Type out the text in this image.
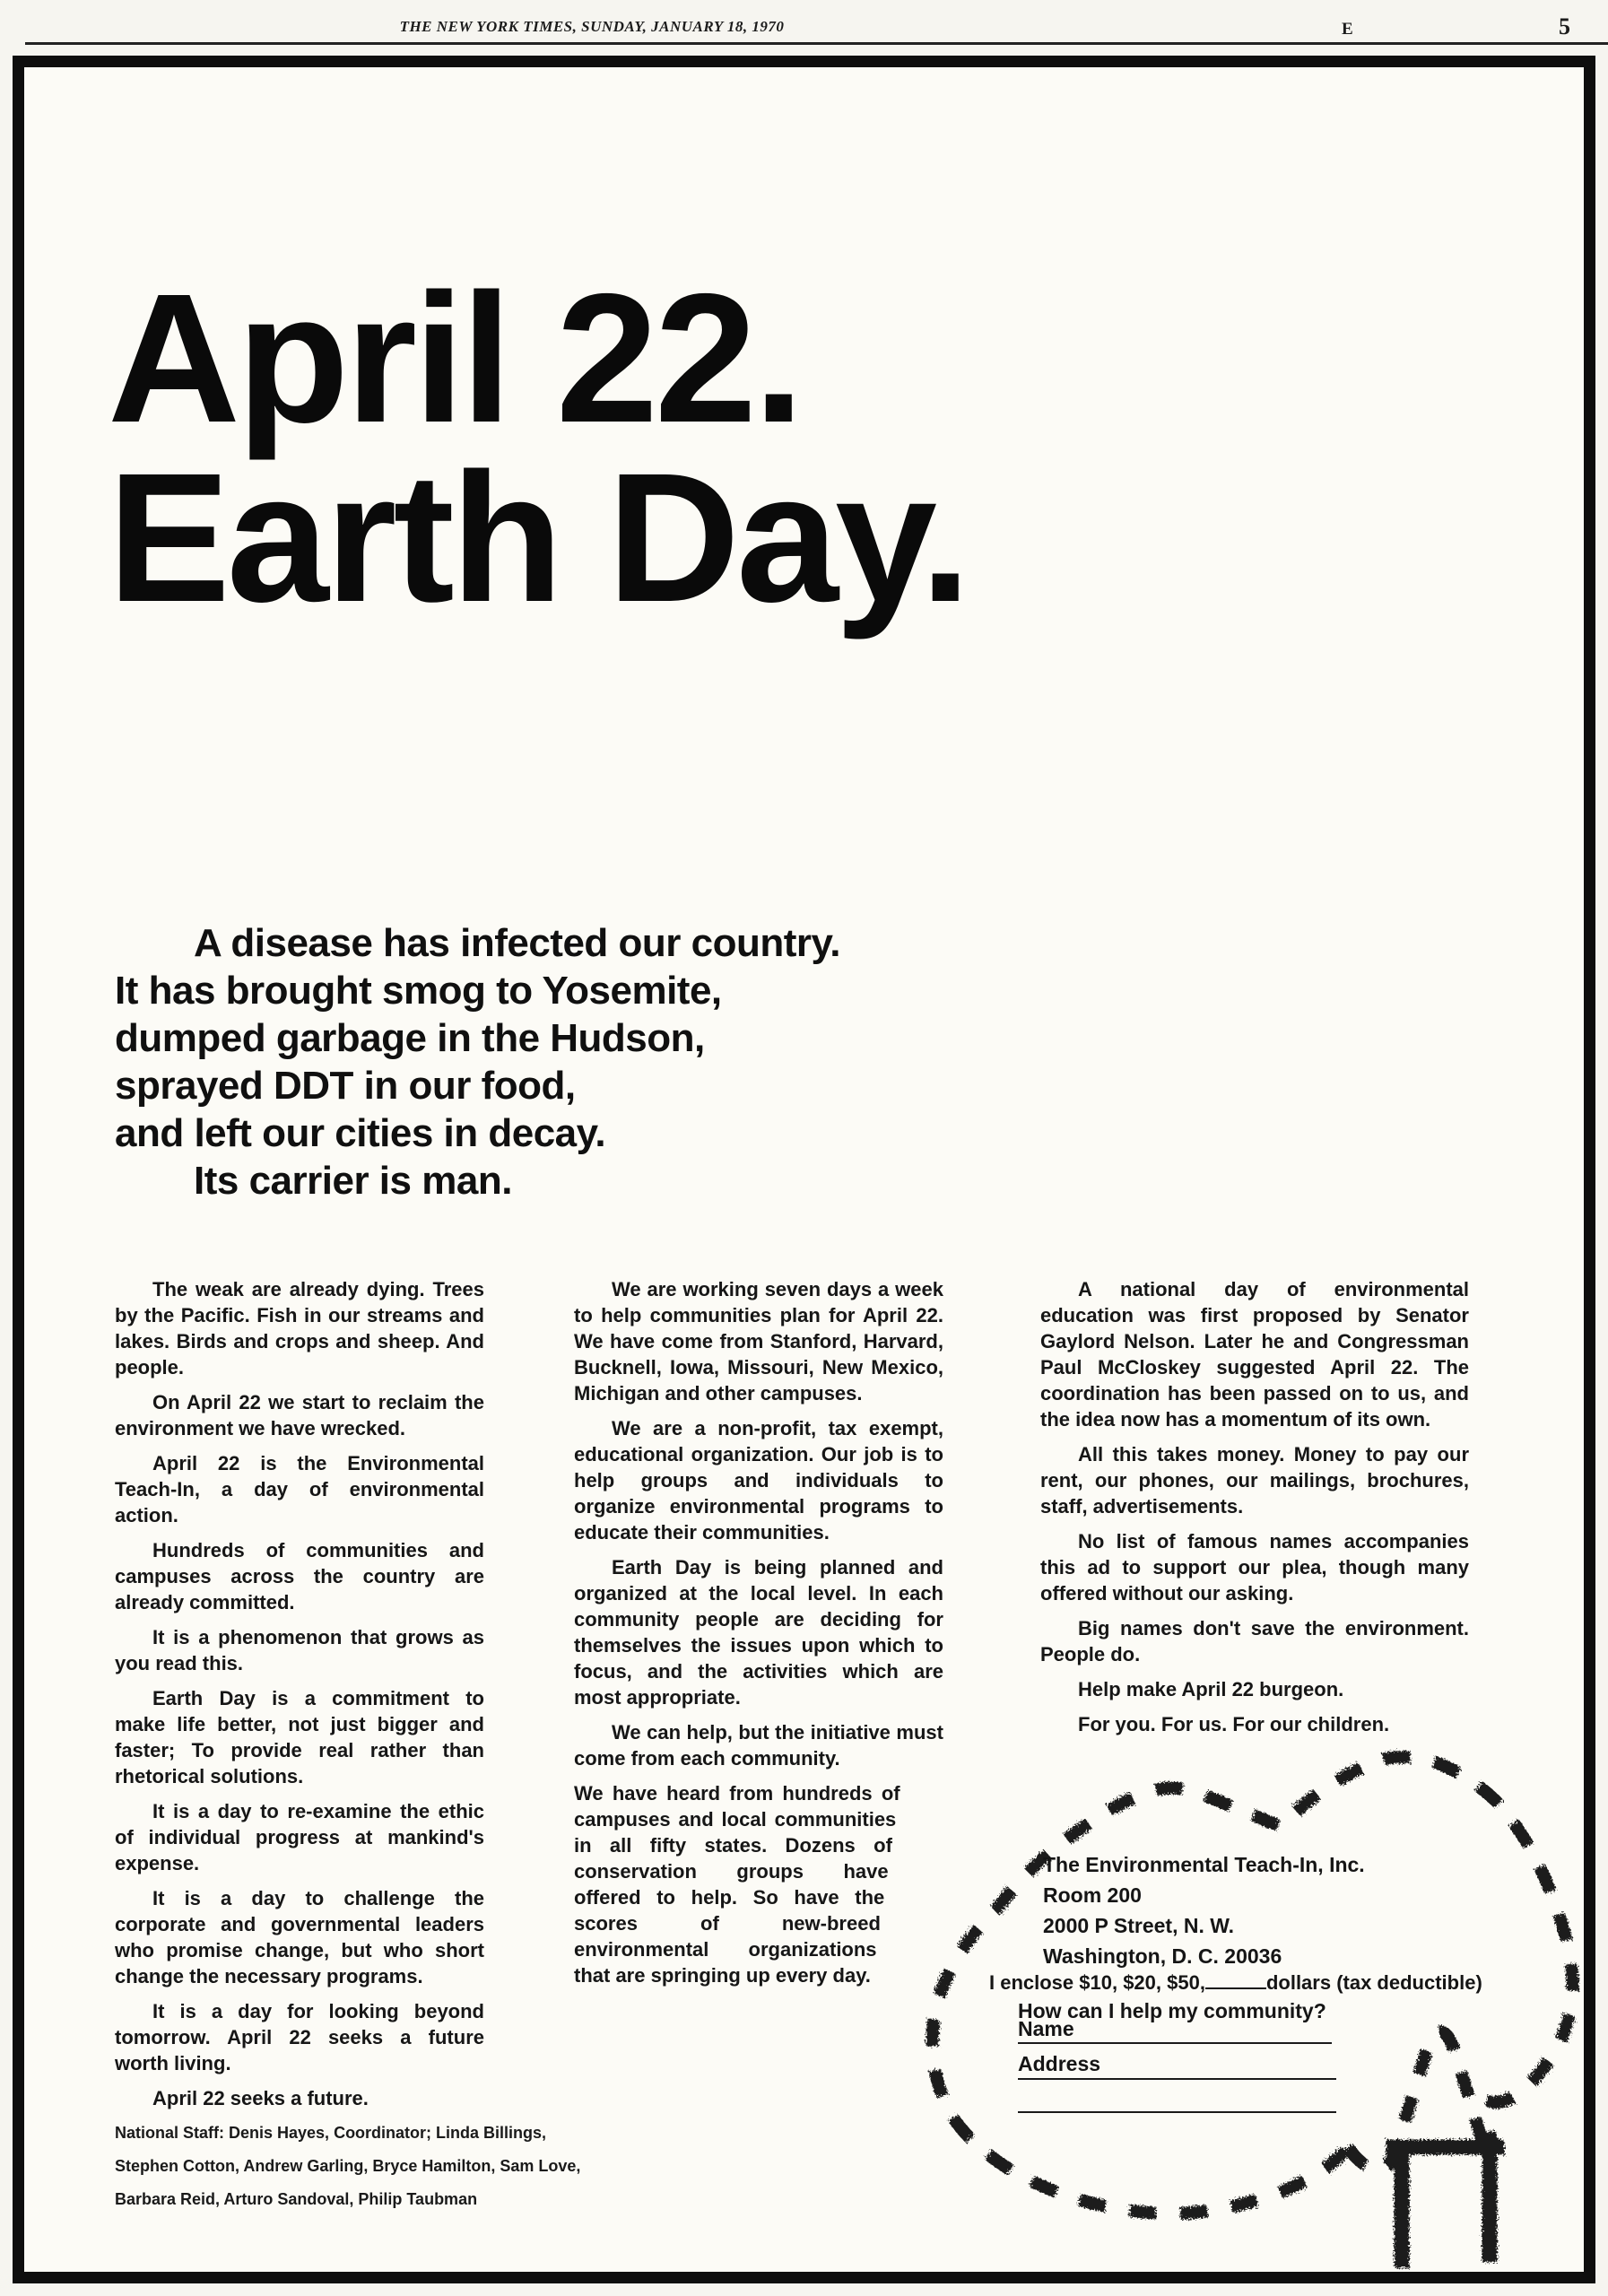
THE NEW YORK TIMES, SUNDAY, JANUARY 18, 1970	E	5
April 22.
Earth Day.
A disease has infected our country.
It has brought smog to Yosemite,
dumped garbage in the Hudson,
sprayed DDT in our food,
and left our cities in decay.
Its carrier is man.
The weak are already dying. Trees by the Pacific. Fish in our streams and lakes. Birds and crops and sheep. And people.
On April 22 we start to reclaim the environment we have wrecked.
April 22 is the Environmental Teach-In, a day of environmental action.
Hundreds of communities and campuses across the country are already committed.
It is a phenomenon that grows as you read this.
Earth Day is a commitment to make life better, not just bigger and faster; To provide real rather than rhetorical solutions.
It is a day to re-examine the ethic of individual progress at mankind's expense.
It is a day to challenge the corporate and governmental leaders who promise change, but who short change the necessary programs.
It is a day for looking beyond tomorrow. April 22 seeks a future worth living.
April 22 seeks a future.
We are working seven days a week to help communities plan for April 22. We have come from Stanford, Harvard, Bucknell, Iowa, Missouri, New Mexico, Michigan and other campuses.
We are a non-profit, tax exempt, educational organization. Our job is to help groups and individuals to organize environmental programs to educate their communities.
Earth Day is being planned and organized at the local level. In each community people are deciding for themselves the issues upon which to focus, and the activities which are most appropriate.
We can help, but the initiative must come from each community.
We have heard from hundreds of campuses and local communities in all fifty states. Dozens of conservation groups have offered to help. So have the scores of new-breed environmental organizations that are springing up every day.
A national day of environmental education was first proposed by Senator Gaylord Nelson. Later he and Congressman Paul McCloskey suggested April 22. The coordination has been passed on to us, and the idea now has a momentum of its own.
All this takes money. Money to pay our rent, our phones, our mailings, brochures, staff, advertisements.
No list of famous names accompanies this ad to support our plea, though many offered without our asking.
Big names don't save the environment. People do.
Help make April 22 burgeon.
For you. For us. For our children.
National Staff: Denis Hayes, Coordinator; Linda Billings,
Stephen Cotton, Andrew Garling, Bryce Hamilton, Sam Love,
Barbara Reid, Arturo Sandoval, Philip Taubman
The Environmental Teach-In, Inc.
Room 200
2000 P Street, N. W.
Washington, D. C. 20036
I enclose $10, $20, $50,	dollars (tax deductible)
How can I help my community?
Name
Address
